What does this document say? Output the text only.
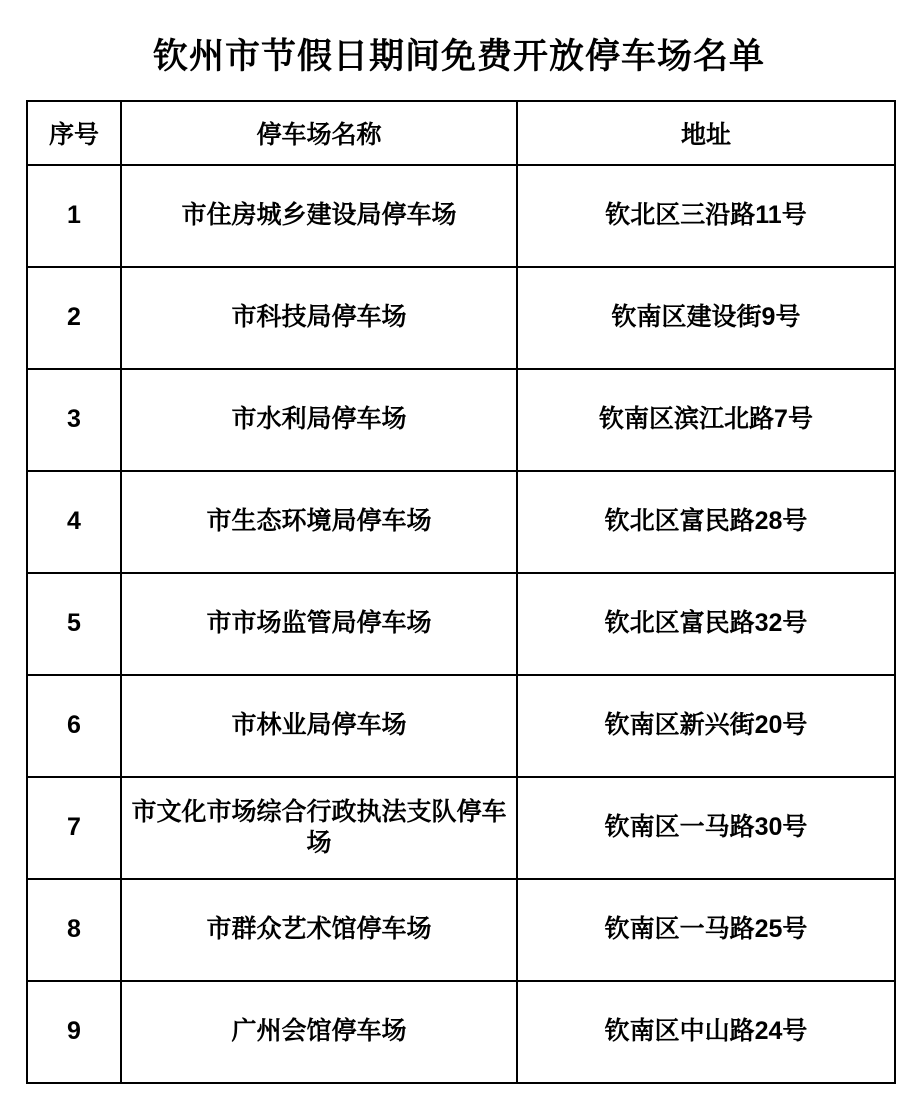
钦州市节假日期间免费开放停车场名单
序号	停车场名称	地址
1	市住房城乡建设局停车场	钦北区三沿路11号
2	市科技局停车场	钦南区建设街9号
3	市水利局停车场	钦南区滨江北路7号
4	市生态环境局停车场	钦北区富民路28号
5	市市场监管局停车场	钦北区富民路32号
6	市林业局停车场	钦南区新兴街20号
7	市文化市场综合行政执法支队停车场	钦南区一马路30号
8	市群众艺术馆停车场	钦南区一马路25号
9	广州会馆停车场	钦南区中山路24号
